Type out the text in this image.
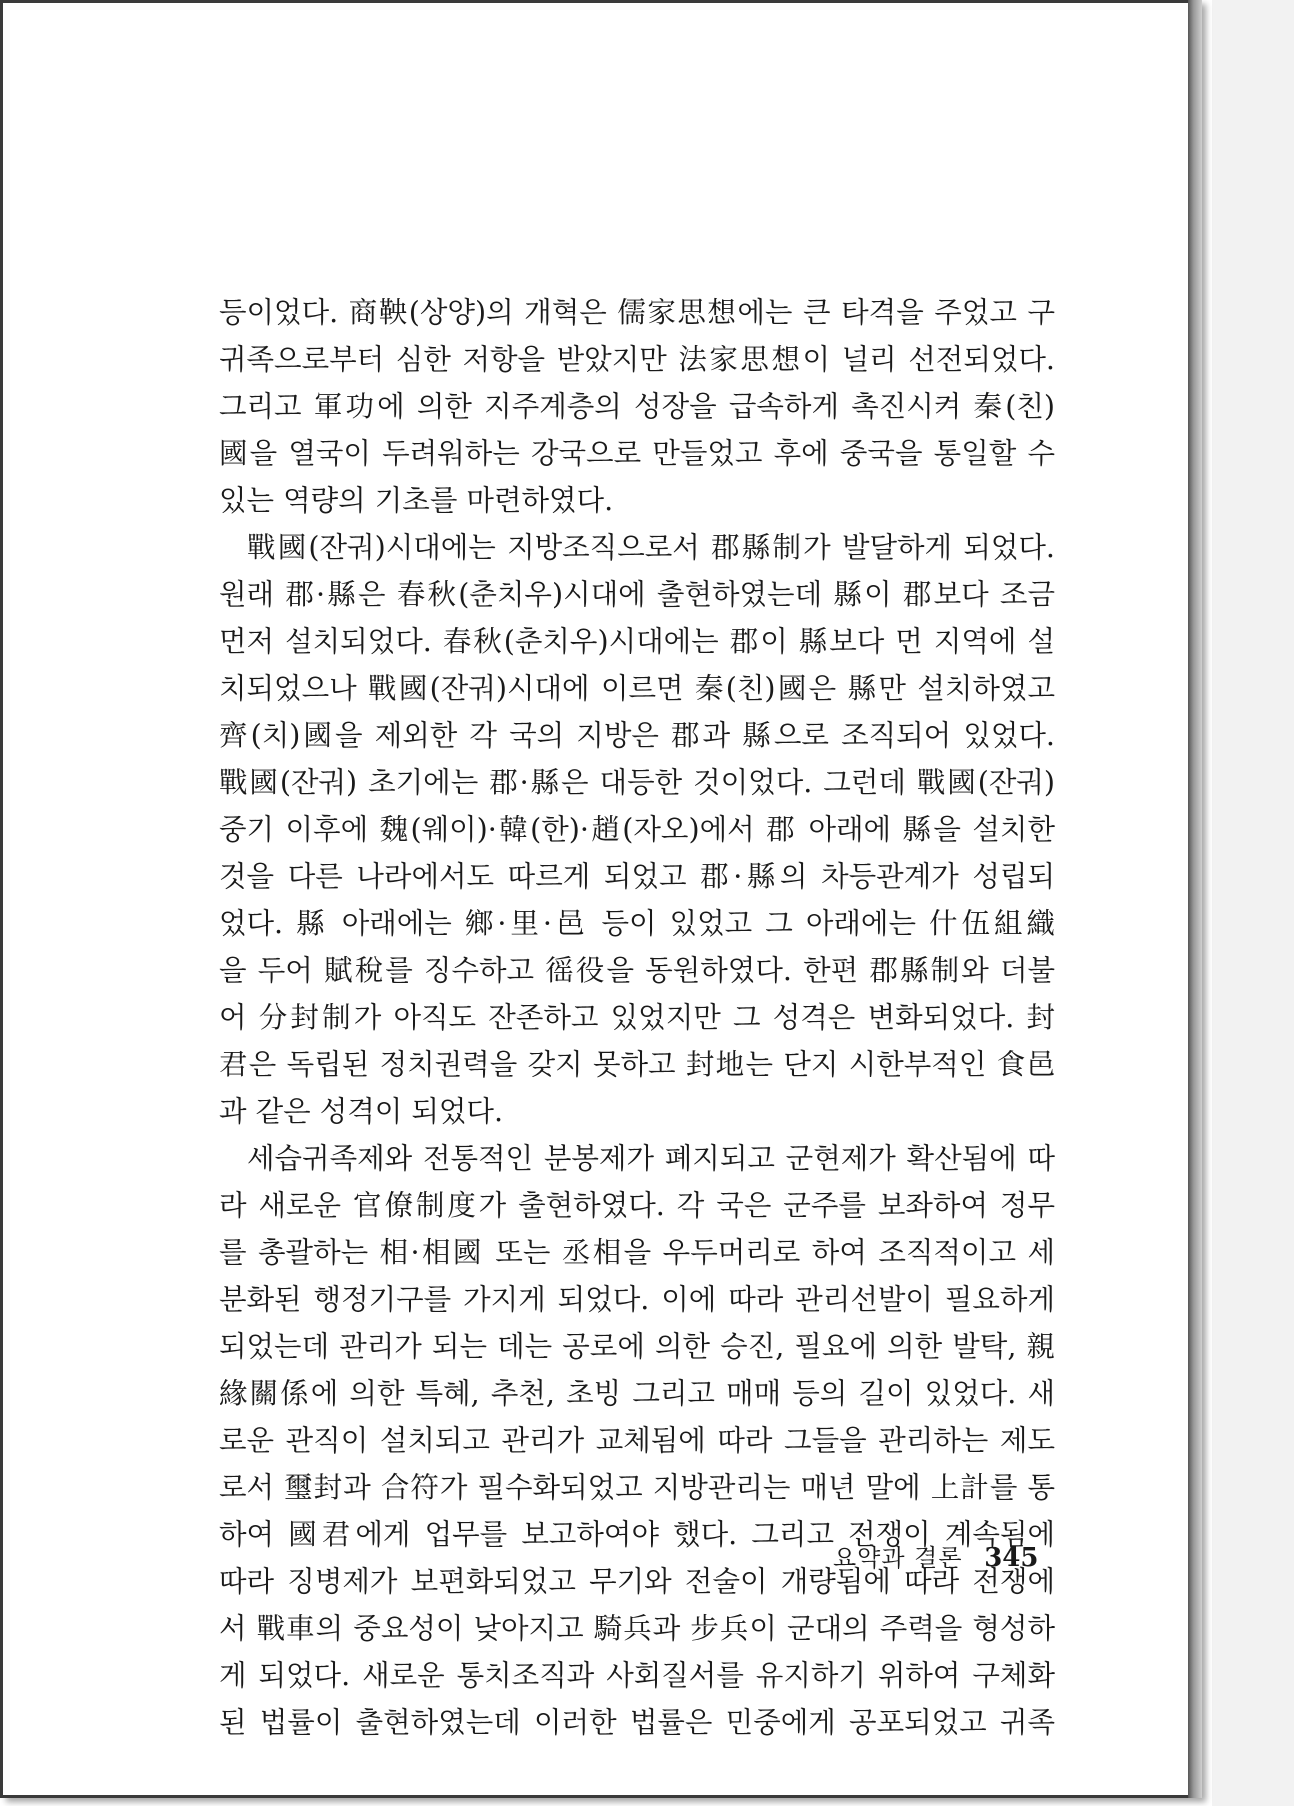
등이었다. 商鞅(상양)의 개혁은 儒家思想에는 큰 타격을 주었고 구
귀족으로부터 심한 저항을 받았지만 法家思想이 널리 선전되었다.
그리고 軍功에 의한 지주계층의 성장을 급속하게 촉진시켜 秦(친)
國을 열국이 두려워하는 강국으로 만들었고 후에 중국을 통일할 수
있는 역량의 기초를 마련하였다.
戰國(잔궈)시대에는 지방조직으로서 郡縣制가 발달하게 되었다.
원래 郡·縣은 春秋(춘치우)시대에 출현하였는데 縣이 郡보다 조금
먼저 설치되었다. 春秋(춘치우)시대에는 郡이 縣보다 먼 지역에 설
치되었으나 戰國(잔궈)시대에 이르면 秦(친)國은 縣만 설치하였고
齊(치)國을 제외한 각 국의 지방은 郡과 縣으로 조직되어 있었다.
戰國(잔궈) 초기에는 郡·縣은 대등한 것이었다. 그런데 戰國(잔궈)
중기 이후에 魏(웨이)·韓(한)·趙(자오)에서 郡 아래에 縣을 설치한
것을 다른 나라에서도 따르게 되었고 郡·縣의 차등관계가 성립되
었다. 縣 아래에는 鄉·里·邑 등이 있었고 그 아래에는 什伍組織
을 두어 賦稅를 징수하고 徭役을 동원하였다. 한편 郡縣制와 더불
어 分封制가 아직도 잔존하고 있었지만 그 성격은 변화되었다. 封
君은 독립된 정치권력을 갖지 못하고 封地는 단지 시한부적인 食邑
과 같은 성격이 되었다.
세습귀족제와 전통적인 분봉제가 폐지되고 군현제가 확산됨에 따
라 새로운 官僚制度가 출현하였다. 각 국은 군주를 보좌하여 정무
를 총괄하는 相·相國 또는 丞相을 우두머리로 하여 조직적이고 세
분화된 행정기구를 가지게 되었다. 이에 따라 관리선발이 필요하게
되었는데 관리가 되는 데는 공로에 의한 승진, 필요에 의한 발탁, 親
緣關係에 의한 특혜, 추천, 초빙 그리고 매매 등의 길이 있었다. 새
로운 관직이 설치되고 관리가 교체됨에 따라 그들을 관리하는 제도
로서 璽封과 合符가 필수화되었고 지방관리는 매년 말에 上計를 통
하여 國君에게 업무를 보고하여야 했다. 그리고 전쟁이 계속됨에
따라 징병제가 보편화되었고 무기와 전술이 개량됨에 따라 전쟁에
서 戰車의 중요성이 낮아지고 騎兵과 步兵이 군대의 주력을 형성하
게 되었다. 새로운 통치조직과 사회질서를 유지하기 위하여 구체화
된 법률이 출현하였는데 이러한 법률은 민중에게 공포되었고 귀족
요약과 결론 345
